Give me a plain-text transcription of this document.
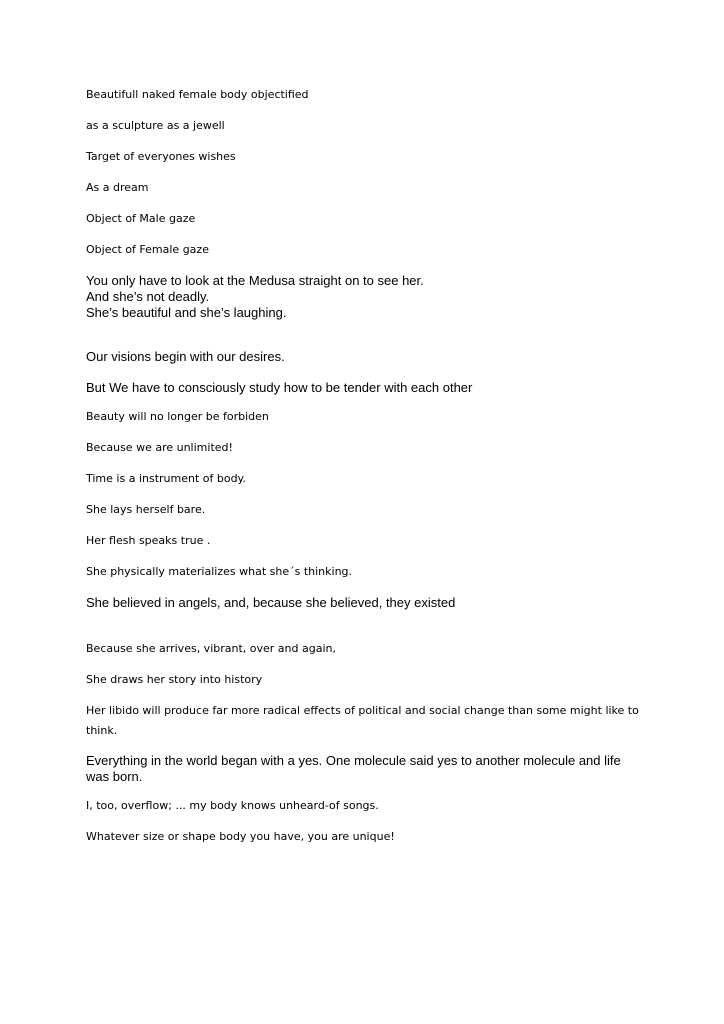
Beautifull naked female body objectified
as a sculpture as a jewell
Target of everyones wishes
As a dream
Object of Male gaze
Object of Female gaze
You only have to look at the Medusa straight on to see her.
And she’s not deadly.
She’s beautiful and she’s laughing.
Our visions begin with our desires.
But We have to consciously study how to be tender with each other
Beauty will no longer be forbiden
Because we are unlimited!
Time is a instrument of body.
She lays herself bare.
Her flesh speaks true .
She physically materializes what she´s thinking.
She believed in angels, and, because she believed, they existed
Because she arrives, vibrant, over and again,
She draws her story into history
Her libido will produce far more radical effects of political and social change than some might like to think.
Everything in the world began with a yes. One molecule said yes to another molecule and life was born.
I, too, overflow; ... my body knows unheard-of songs.
Whatever size or shape body you have, you are unique!
